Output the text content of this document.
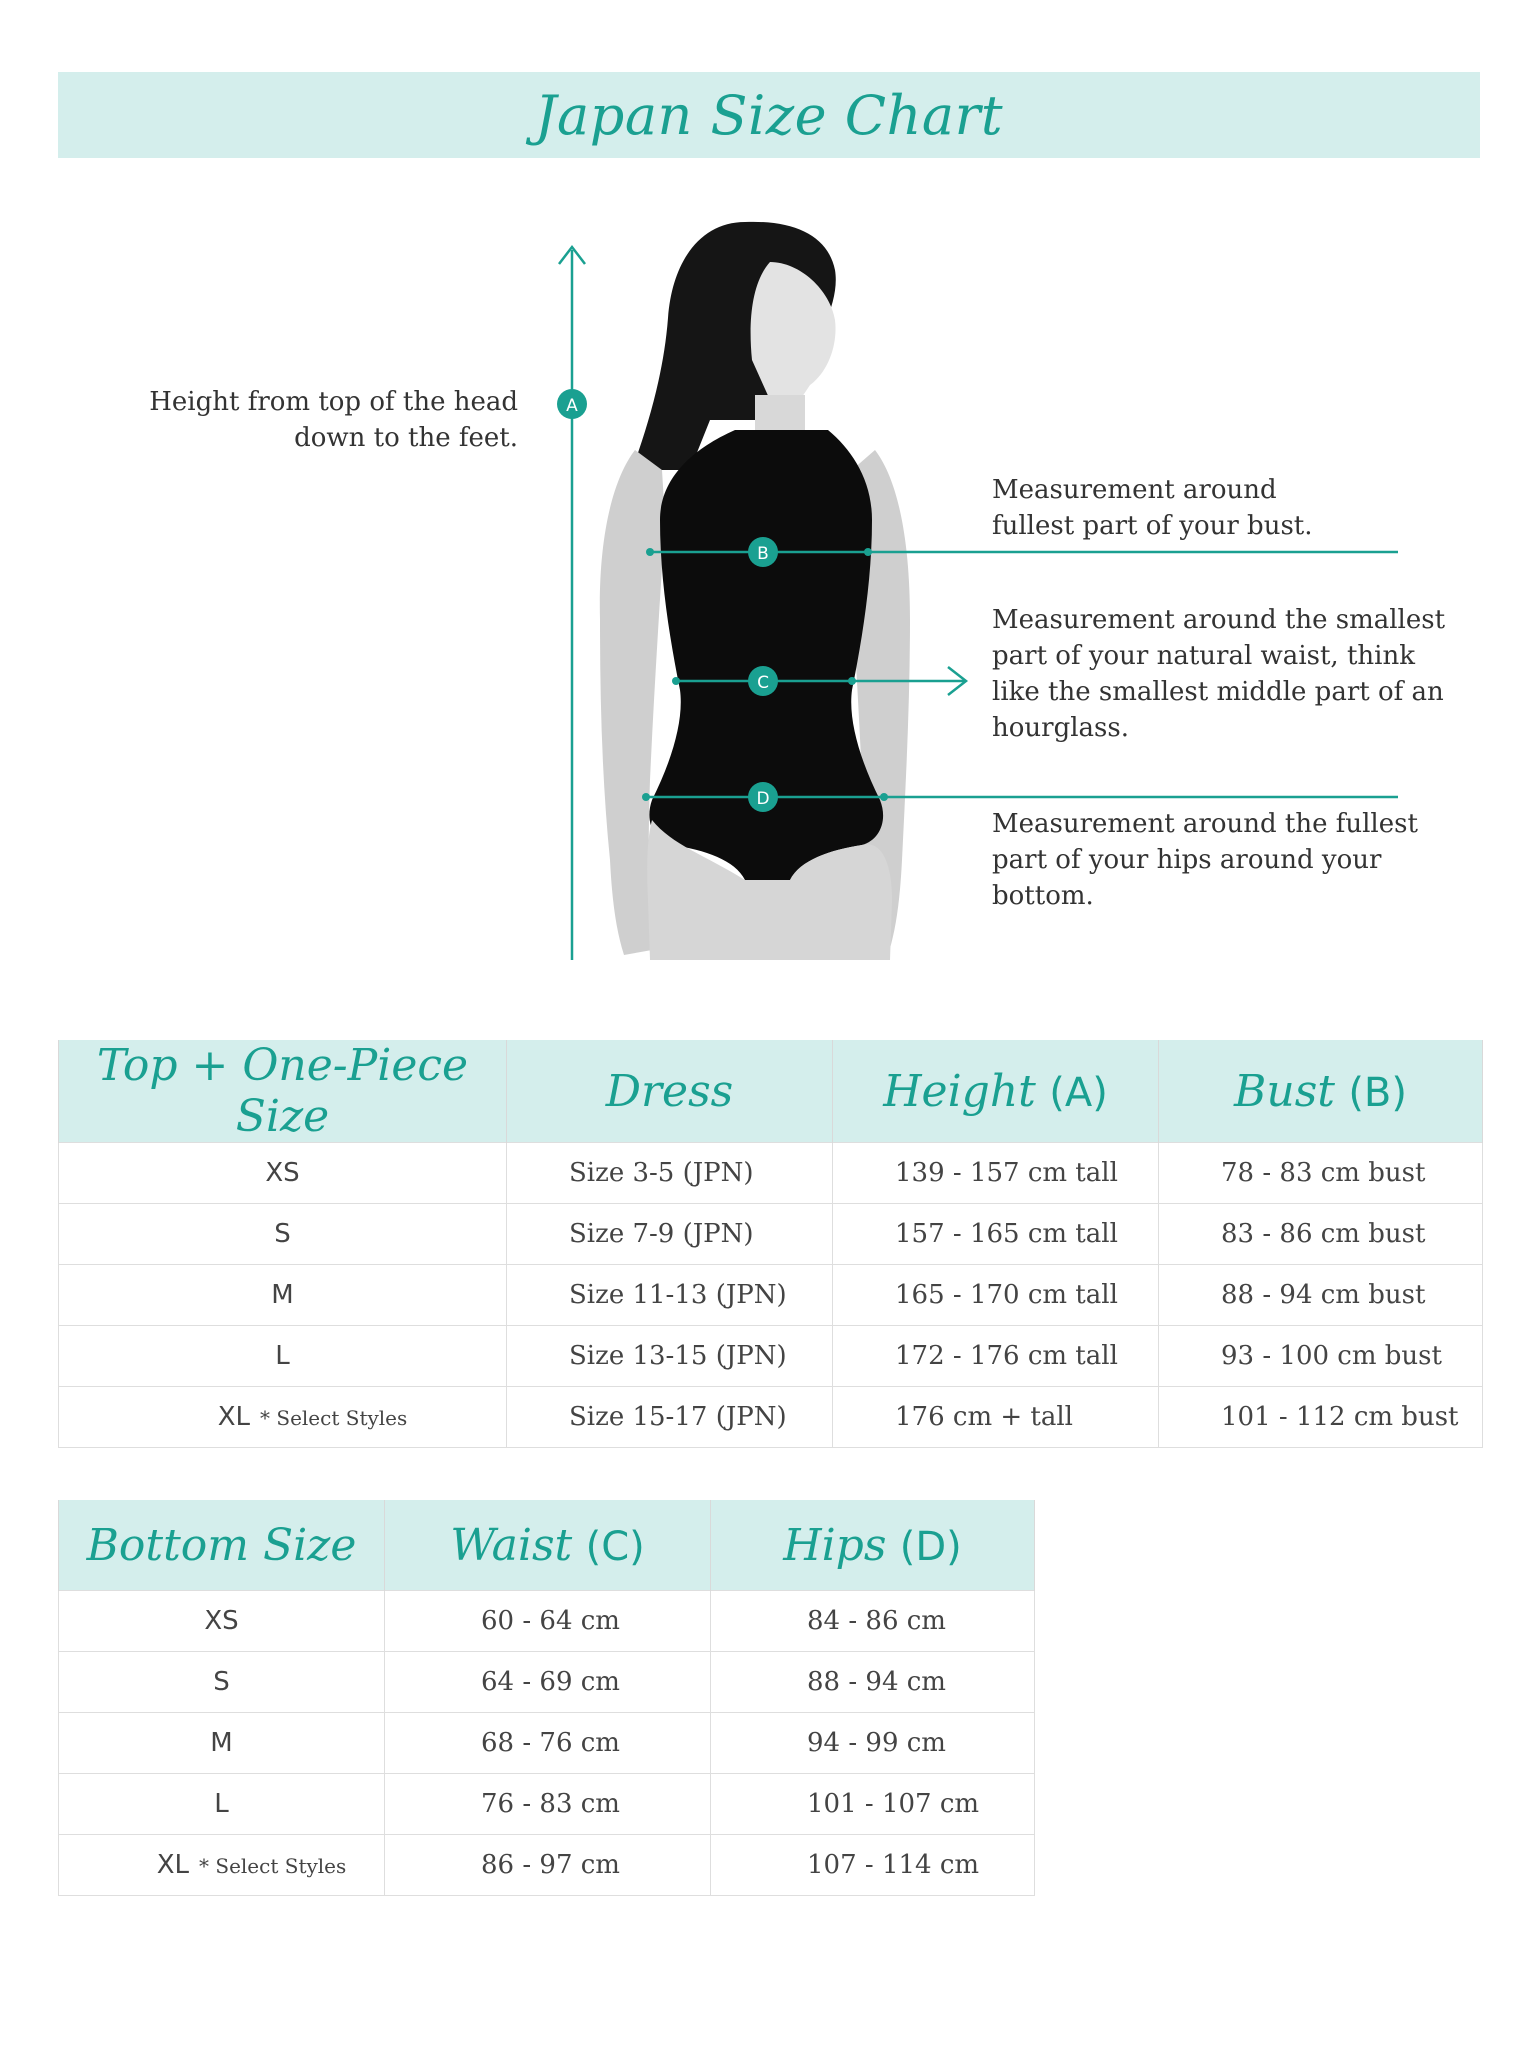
Japan Size Chart
A
B
C
D
Height from top of the head
down to the feet.
Measurement around
fullest part of your bust.
Measurement around the smallest
part of your natural waist, think
like the smallest middle part of an
hourglass.
Measurement around the fullest
part of your hips around your
bottom.
Top + One-Piece Size	Dress	Height (A)	Bust (B)
XS	Size 3-5 (JPN)	139 - 157 cm tall	78 - 83 cm bust
S	Size 7-9 (JPN)	157 - 165 cm tall	83 - 86 cm bust
M	Size 11-13 (JPN)	165 - 170 cm tall	88 - 94 cm bust
L	Size 13-15 (JPN)	172 - 176 cm tall	93 - 100 cm bust
XL * Select Styles	Size 15-17 (JPN)	176 cm + tall	101 - 112 cm bust
Bottom Size	Waist (C)	Hips (D)
XS	60 - 64 cm	84 - 86 cm
S	64 - 69 cm	88 - 94 cm
M	68 - 76 cm	94 - 99 cm
L	76 - 83 cm	101 - 107 cm
XL * Select Styles	86 - 97 cm	107 - 114 cm
